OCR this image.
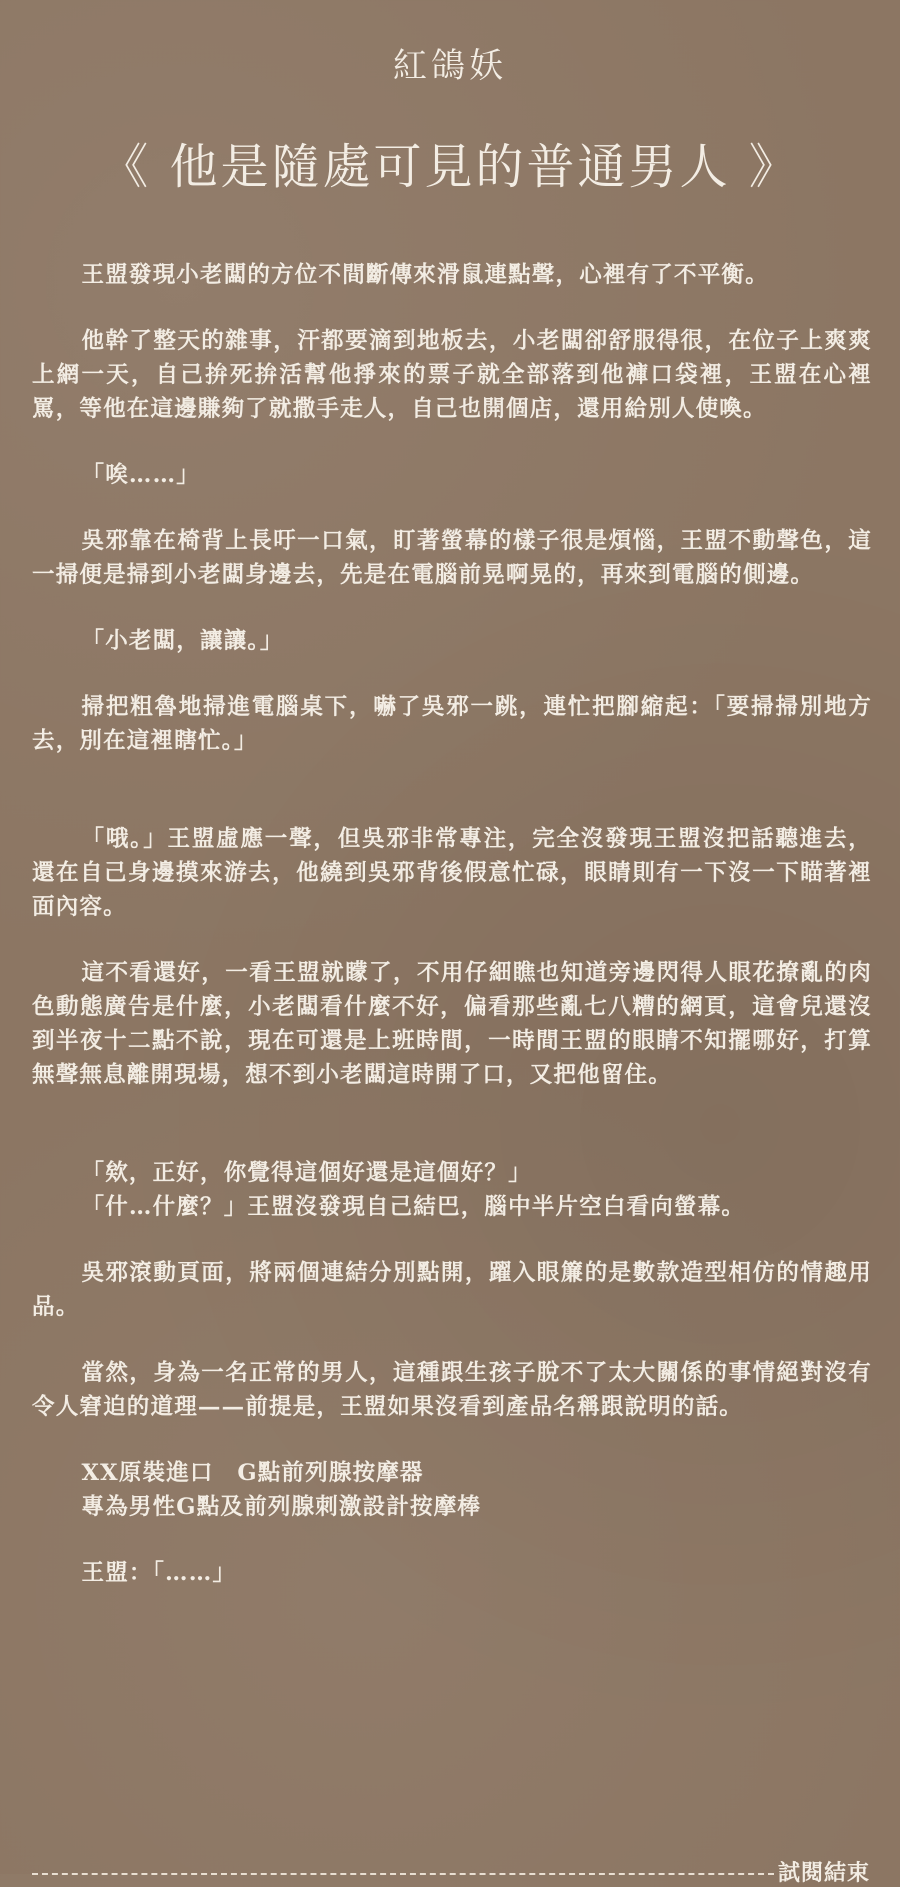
紅鴿妖
《 他是隨處可見的普通男人 》

王盟發現小老闆的方位不間斷傳來滑鼠連點聲，心裡有了不平衡。

他幹了整天的雜事，汗都要滴到地板去，小老闆卻舒服得很，在位子上爽爽上網一天，自己拚死拚活幫他掙來的票子就全部落到他褲口袋裡，王盟在心裡罵，等他在這邊賺夠了就撒手走人，自己也開個店，還用給別人使喚。

「唉……」

吳邪靠在椅背上長吁一口氣，盯著螢幕的樣子很是煩惱，王盟不動聲色，這一掃便是掃到小老闆身邊去，先是在電腦前晃啊晃的，再來到電腦的側邊。

「小老闆，讓讓。」

掃把粗魯地掃進電腦桌下，嚇了吳邪一跳，連忙把腳縮起：「要掃掃別地方去，別在這裡瞎忙。」

「哦。」王盟虛應一聲，但吳邪非常專注，完全沒發現王盟沒把話聽進去，還在自己身邊摸來游去，他繞到吳邪背後假意忙碌，眼睛則有一下沒一下瞄著裡面內容。

這不看還好，一看王盟就矇了，不用仔細瞧也知道旁邊閃得人眼花撩亂的肉色動態廣告是什麼，小老闆看什麼不好，偏看那些亂七八糟的網頁，這會兒還沒到半夜十二點不說，現在可還是上班時間，一時間王盟的眼睛不知擺哪好，打算無聲無息離開現場，想不到小老闆這時開了口，又把他留住。

「欸，正好，你覺得這個好還是這個好？」

「什…什麼？」王盟沒發現自己結巴，腦中半片空白看向螢幕。

吳邪滾動頁面，將兩個連結分別點開，躍入眼簾的是數款造型相仿的情趣用品。

當然，身為一名正常的男人，這種跟生孩子脫不了太大關係的事情絕對沒有令人窘迫的道理——前提是，王盟如果沒看到產品名稱跟說明的話。

XX原裝進口　G點前列腺按摩器
專為男性G點及前列腺刺激設計按摩棒

王盟：「……」

試閱結束
